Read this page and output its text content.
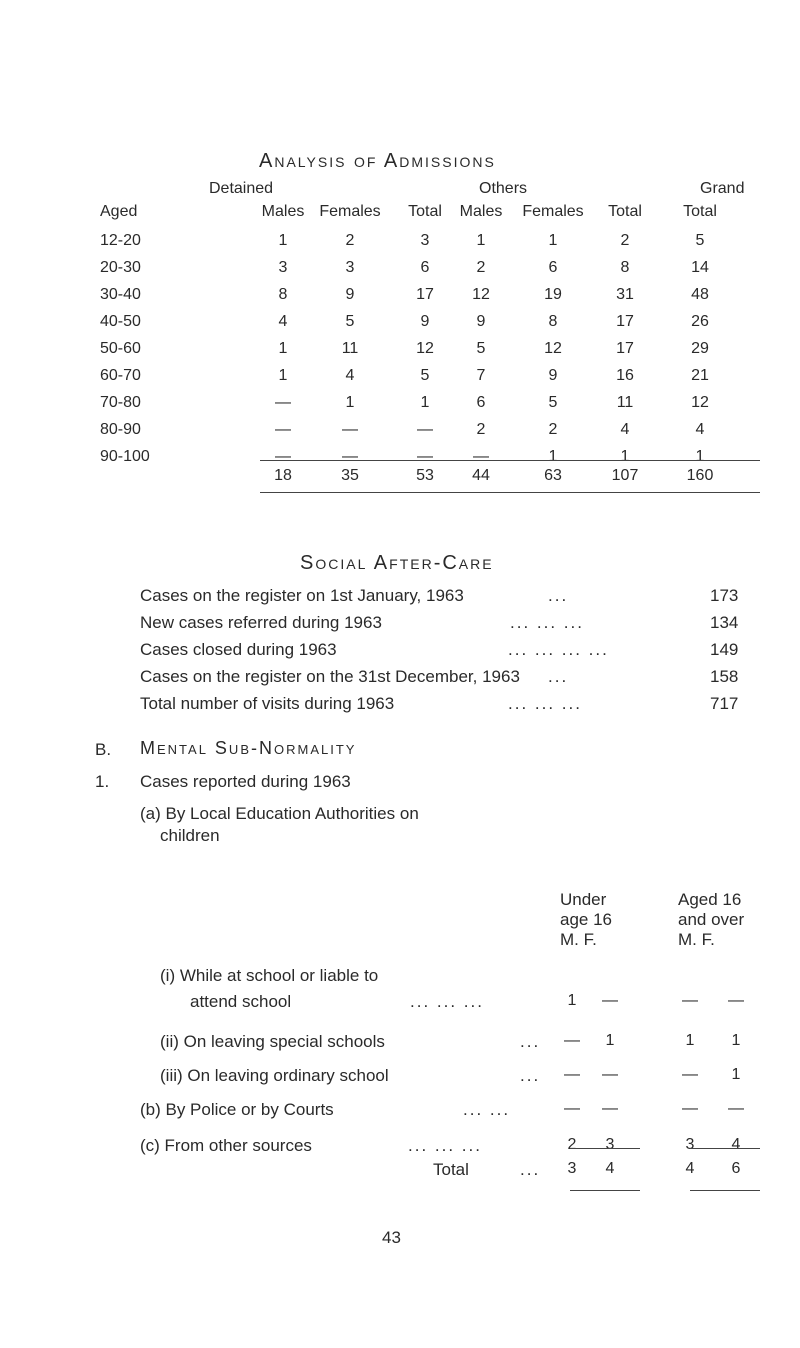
Analysis of Admissions
Detained	Others	Grand
Aged	Males Females	Total	Males	Females	Total	Total
12-20	1	2	3	1	1	2	5
20-30	3	3	6	2	6	8	14
30-40	8	9	17	12	19	31	48
40-50	4	5	9	9	8	17	26
50-60	1	11	12	5	12	17	29
60-70	1	4	5	7	9	16	21
70-80	—	1	1	6	5	11	12
80-90	—	—	—	2	2	4	4
90-100	—	—	—	—	1	1	1
18	35	53	44	63	107	160
Social After-Care
Cases on the register on 1st January, 1963	...	173
New cases referred during 1963	... ... ...	134
Cases closed during 1963	... ... ... ...	149
Cases on the register on the 31st December, 1963 ...	158
Total number of visits during 1963	... ... ...	717
B. Mental Sub-Normality
1. Cases reported during 1963
(a) By Local Education Authorities on
children
Under
age 16
M. F.
Aged 16
and over
M. F.
(i) While at school or liable to
attend school	... ... ...	1	—	—	—
(ii) On leaving special schools	...	—	1	1	1
(iii) On leaving ordinary school	...	—	—	—	1
(b) By Police or by Courts	... ...	—	—	—	—
(c) From other sources	... ... ...	2	3	3	4
Total	...	3	4	4	6
43
